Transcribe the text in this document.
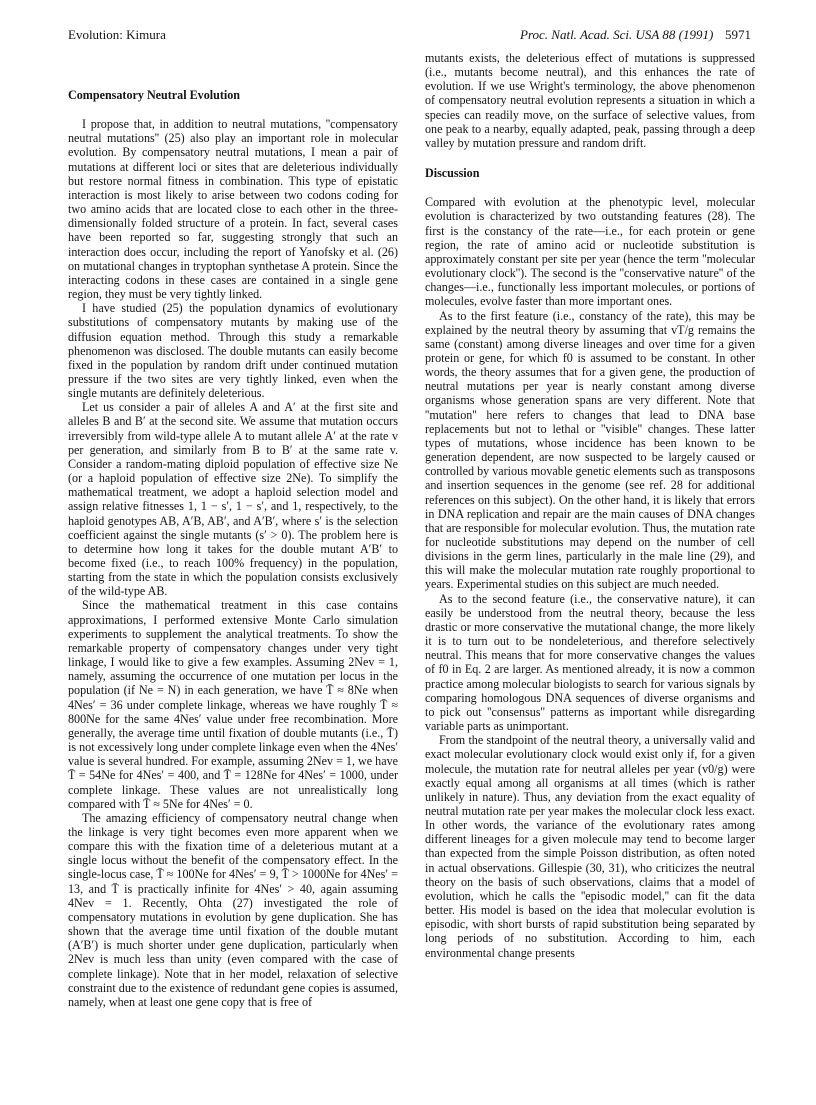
Evolution: Kimura	Proc. Natl. Acad. Sci. USA 88 (1991) 5971
Compensatory Neutral Evolution

I propose that, in addition to neutral mutations, ''compensatory neutral mutations'' (25) also play an important role in molecular evolution. By compensatory neutral mutations, I mean a pair of mutations at different loci or sites that are deleterious individually but restore normal fitness in combination. This type of epistatic interaction is most likely to arise between two codons coding for two amino acids that are located close to each other in the three-dimensionally folded structure of a protein. In fact, several cases have been reported so far, suggesting strongly that such an interaction does occur, including the report of Yanofsky et al. (26) on mutational changes in tryptophan synthetase A protein. Since the interacting codons in these cases are contained in a single gene region, they must be very tightly linked.

I have studied (25) the population dynamics of evolutionary substitutions of compensatory mutants by making use of the diffusion equation method. Through this study a remarkable phenomenon was disclosed. The double mutants can easily become fixed in the population by random drift under continued mutation pressure if the two sites are very tightly linked, even when the single mutants are definitely deleterious.

Let us consider a pair of alleles A and A′ at the first site and alleles B and B′ at the second site. We assume that mutation occurs irreversibly from wild-type allele A to mutant allele A′ at the rate v per generation, and similarly from B to B′ at the same rate v. Consider a random-mating diploid population of effective size Ne (or a haploid population of effective size 2Ne). To simplify the mathematical treatment, we adopt a haploid selection model and assign relative fitnesses 1, 1 − s′, 1 − s′, and 1, respectively, to the haploid genotypes AB, A′B, AB′, and A′B′, where s′ is the selection coefficient against the single mutants (s′ > 0). The problem here is to determine how long it takes for the double mutant A′B′ to become fixed (i.e., to reach 100% frequency) in the population, starting from the state in which the population consists exclusively of the wild-type AB.

Since the mathematical treatment in this case contains approximations, I performed extensive Monte Carlo simulation experiments to supplement the analytical treatments. To show the remarkable property of compensatory changes under very tight linkage, I would like to give a few examples. Assuming 2Nev = 1, namely, assuming the occurrence of one mutation per locus in the population (if Ne = N) in each generation, we have T̄ ≈ 8Ne when 4Nes′ = 36 under complete linkage, whereas we have roughly T̄ ≈ 800Ne for the same 4Nes′ value under free recombination. More generally, the average time until fixation of double mutants (i.e., T̄) is not excessively long under complete linkage even when the 4Nes′ value is several hundred. For example, assuming 2Nev = 1, we have T̄ = 54Ne for 4Nes′ = 400, and T̄ = 128Ne for 4Nes′ = 1000, under complete linkage. These values are not unrealistically long compared with T̄ ≈ 5Ne for 4Nes′ = 0.

The amazing efficiency of compensatory neutral change when the linkage is very tight becomes even more apparent when we compare this with the fixation time of a deleterious mutant at a single locus without the benefit of the compensatory effect. In the single-locus case, T̄ ≈ 100Ne for 4Nes′ = 9, T̄ > 1000Ne for 4Nes′ = 13, and T̄ is practically infinite for 4Nes′ > 40, again assuming 4Nev = 1. Recently, Ohta (27) investigated the role of compensatory mutations in evolution by gene duplication. She has shown that the average time until fixation of the double mutant (A′B′) is much shorter under gene duplication, particularly when 2Nev is much less than unity (even compared with the case of complete linkage). Note that in her model, relaxation of selective constraint due to the existence of redundant gene copies is assumed, namely, when at least one gene copy that is free of

mutants exists, the deleterious effect of mutations is suppressed (i.e., mutants become neutral), and this enhances the rate of evolution. If we use Wright's terminology, the above phenomenon of compensatory neutral evolution represents a situation in which a species can readily move, on the surface of selective values, from one peak to a nearby, equally adapted, peak, passing through a deep valley by mutation pressure and random drift.

Discussion

Compared with evolution at the phenotypic level, molecular evolution is characterized by two outstanding features (28). The first is the constancy of the rate—i.e., for each protein or gene region, the rate of amino acid or nucleotide substitution is approximately constant per site per year (hence the term ''molecular evolutionary clock''). The second is the ''conservative nature'' of the changes—i.e., functionally less important molecules, or portions of molecules, evolve faster than more important ones.

As to the first feature (i.e., constancy of the rate), this may be explained by the neutral theory by assuming that vT/g remains the same (constant) among diverse lineages and over time for a given protein or gene, for which f0 is assumed to be constant. In other words, the theory assumes that for a given gene, the production of neutral mutations per year is nearly constant among diverse organisms whose generation spans are very different. Note that ''mutation'' here refers to changes that lead to DNA base replacements but not to lethal or ''visible'' changes. These latter types of mutations, whose incidence has been known to be generation dependent, are now suspected to be largely caused or controlled by various movable genetic elements such as transposons and insertion sequences in the genome (see ref. 28 for additional references on this subject). On the other hand, it is likely that errors in DNA replication and repair are the main causes of DNA changes that are responsible for molecular evolution. Thus, the mutation rate for nucleotide substitutions may depend on the number of cell divisions in the germ lines, particularly in the male line (29), and this will make the molecular mutation rate roughly proportional to years. Experimental studies on this subject are much needed.

As to the second feature (i.e., the conservative nature), it can easily be understood from the neutral theory, because the less drastic or more conservative the mutational change, the more likely it is to turn out to be nondeleterious, and therefore selectively neutral. This means that for more conservative changes the values of f0 in Eq. 2 are larger. As mentioned already, it is now a common practice among molecular biologists to search for various signals by comparing homologous DNA sequences of diverse organisms and to pick out ''consensus'' patterns as important while disregarding variable parts as unimportant.

From the standpoint of the neutral theory, a universally valid and exact molecular evolutionary clock would exist only if, for a given molecule, the mutation rate for neutral alleles per year (v0/g) were exactly equal among all organisms at all times (which is rather unlikely in nature). Thus, any deviation from the exact equality of neutral mutation rate per year makes the molecular clock less exact. In other words, the variance of the evolutionary rates among different lineages for a given molecule may tend to become larger than expected from the simple Poisson distribution, as often noted in actual observations. Gillespie (30, 31), who criticizes the neutral theory on the basis of such observations, claims that a model of evolution, which he calls the ''episodic model,'' can fit the data better. His model is based on the idea that molecular evolution is episodic, with short bursts of rapid substitution being separated by long periods of no substitution. According to him, each environmental change presents
